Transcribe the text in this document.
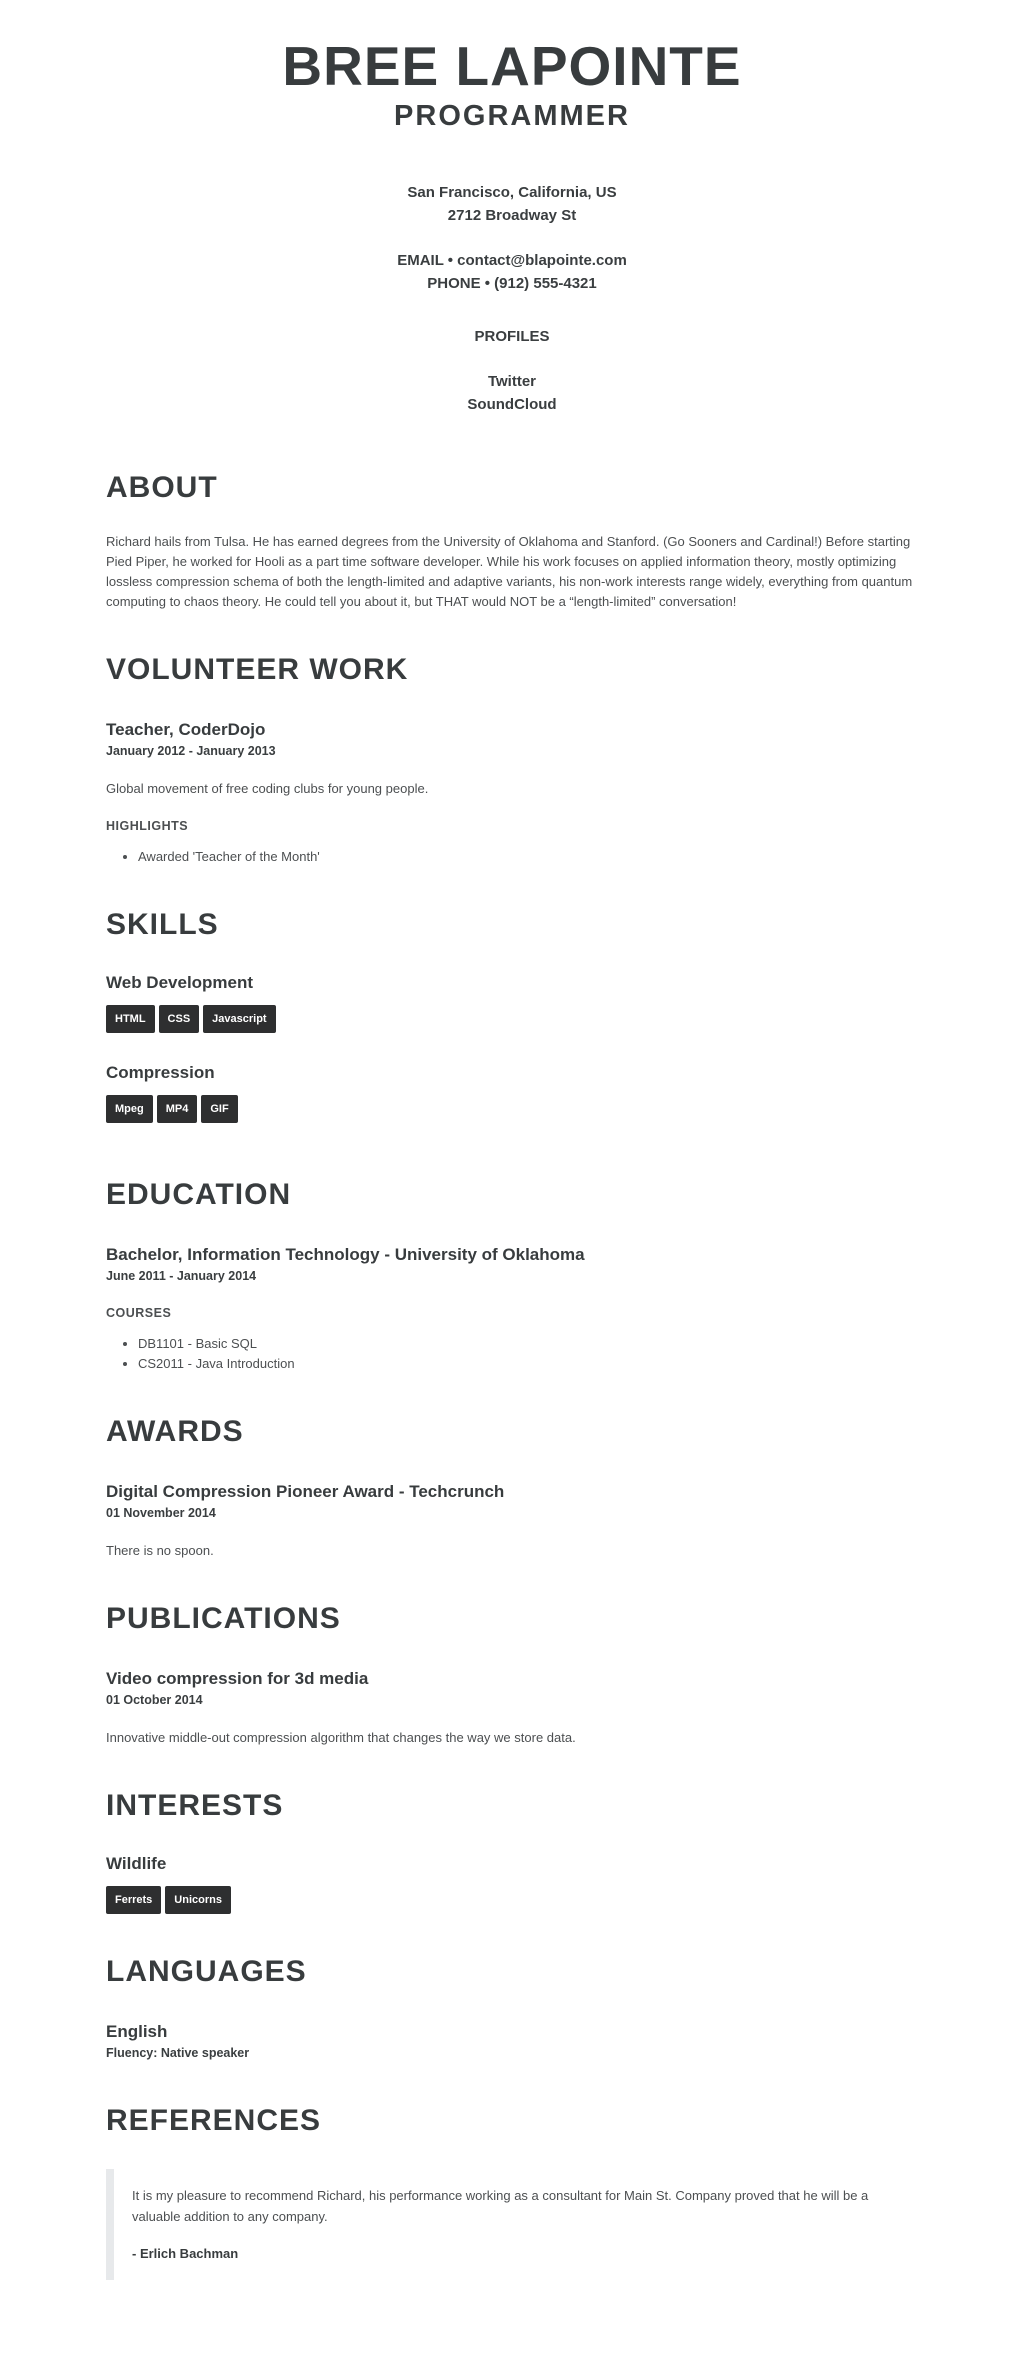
BREE LAPOINTE
PROGRAMMER

San Francisco, California, US

2712 Broadway St

EMAIL • contact@blapointe.com

PHONE • (912) 555-4321

PROFILES

Twitter
SoundCloud
ABOUT

Richard hails from Tulsa. He has earned degrees from the University of Oklahoma and Stanford. (Go Sooners and Cardinal!) Before starting Pied Piper, he worked for Hooli as a part time software developer. While his work focuses on applied information theory, mostly optimizing lossless compression schema of both the length-limited and adaptive variants, his non-work interests range widely, everything from quantum computing to chaos theory. He could tell you about it, but THAT would NOT be a “length-limited” conversation!

VOLUNTEER WORK
Teacher, CoderDojo

January 2012 - January 2013

Global movement of free coding clubs for young people.

HIGHLIGHTS

• Awarded 'Teacher of the Month'
SKILLS
Web Development
HTML	CSS	Javascript
Compression
Mpeg	MP4	GIF
EDUCATION
Bachelor, Information Technology - University of Oklahoma

June 2011 - January 2014

COURSES

• DB1101 - Basic SQL
• CS2011 - Java Introduction
AWARDS
Digital Compression Pioneer Award - Techcrunch

01 November 2014

There is no spoon.

PUBLICATIONS
Video compression for 3d media

01 October 2014

Innovative middle-out compression algorithm that changes the way we store data.

INTERESTS
Wildlife
Ferrets	Unicorns
LANGUAGES
English

Fluency: Native speaker

REFERENCES

It is my pleasure to recommend Richard, his performance working as a consultant for Main St. Company proved that he will be a valuable addition to any company.

- Erlich Bachman
